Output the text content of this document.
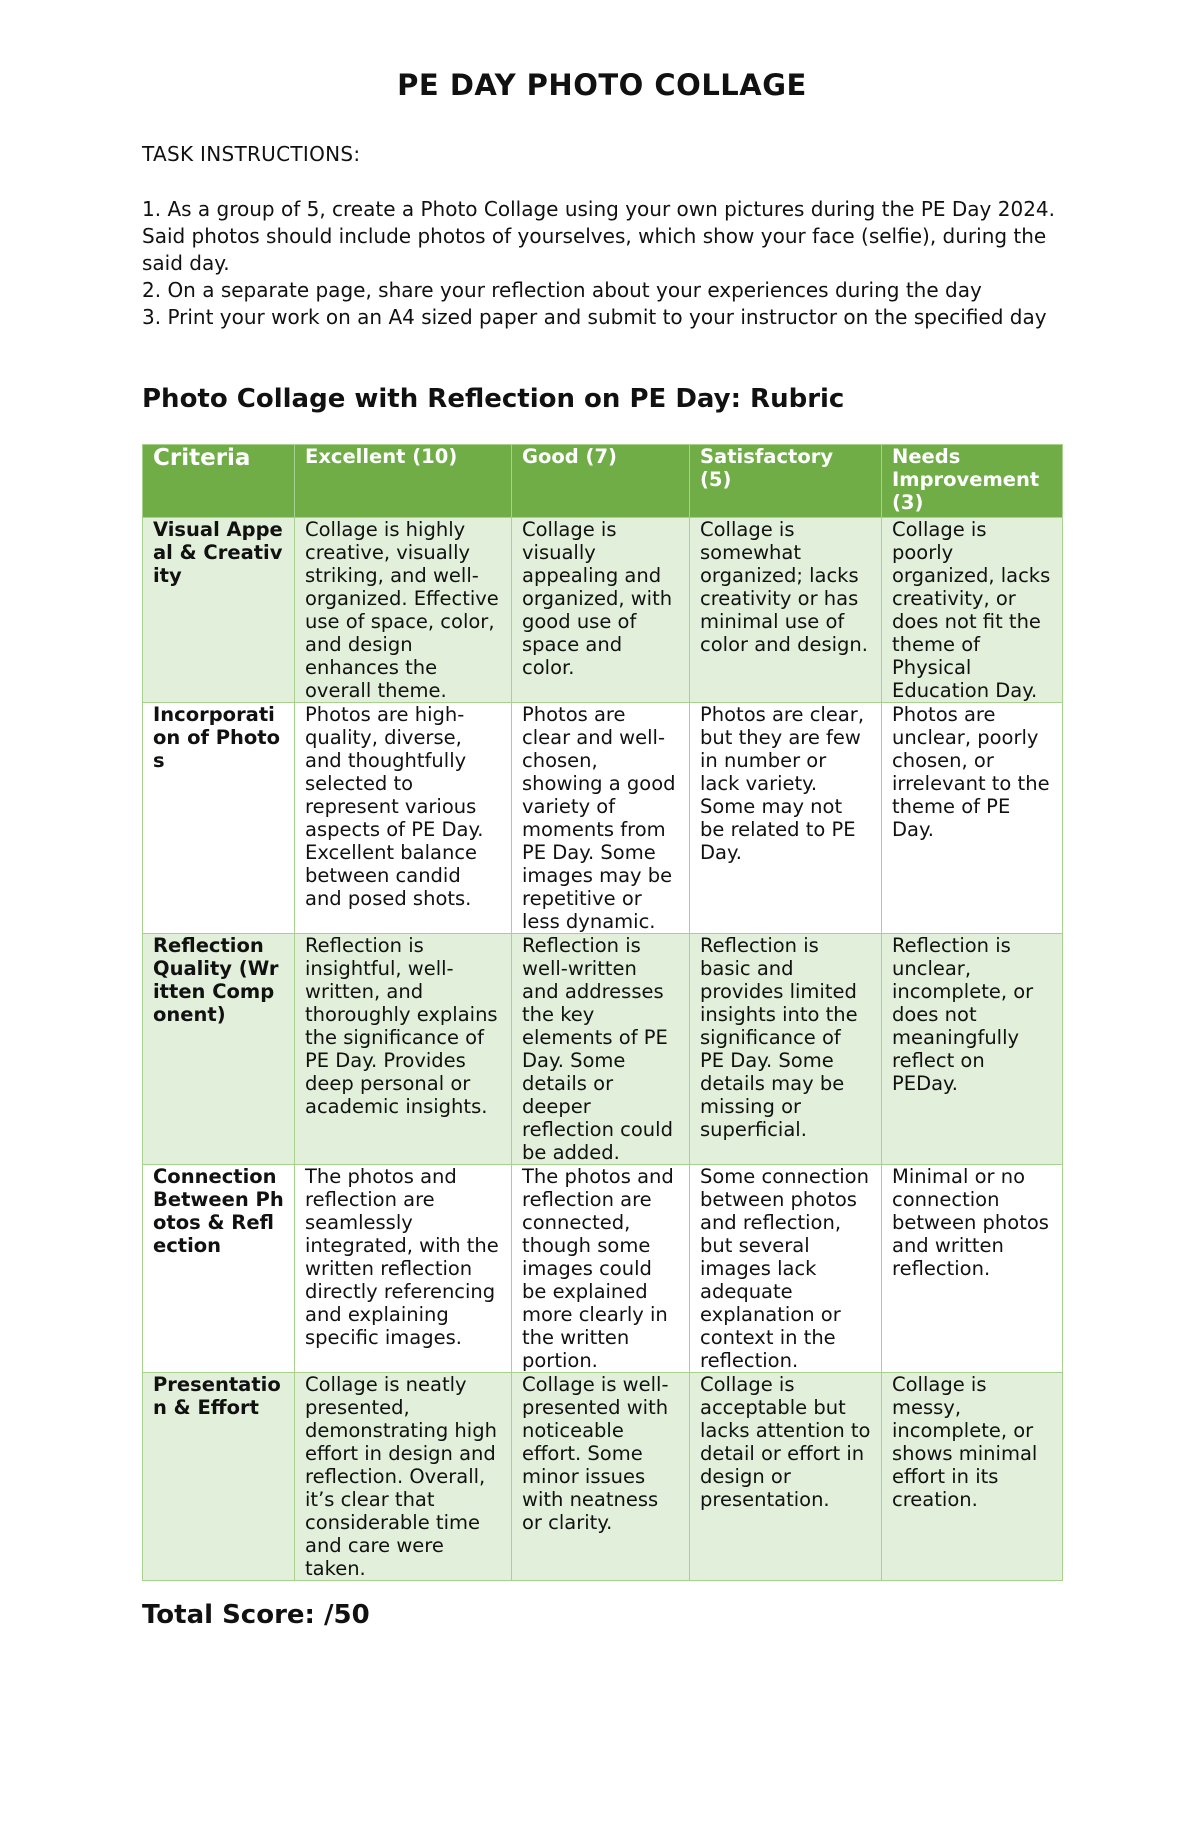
PE DAY PHOTO COLLAGE
TASK INSTRUCTIONS:

1. As a group of 5, create a Photo Collage using your own pictures during the PE Day 2024. Said photos should include photos of yourselves, which show your face (selfie), during the said day.

2. On a separate page, share your reflection about your experiences during the day

3. Print your work on an A4 sized paper and submit to your instructor on the specified day

Photo Collage with Reflection on PE Day: Rubric
Criteria	Excellent (10)	Good (7)	Satisfactory (5)	Needs Improvement (3)
Visual Appeal & Creativity	Collage is highly creative, visually striking, and well-organized. Effective use of space, color, and design enhances the overall theme.	Collage is visually appealing and organized, with good use of space and color.	Collage is somewhat organized; lacks creativity or has minimal use of color and design.	Collage is poorly organized, lacks creativity, or does not fit the theme of Physical Education Day.
Incorporation of Photos	Photos are high-quality, diverse, and thoughtfully selected to represent various aspects of PE Day. Excellent balance between candid and posed shots.	Photos are clear and well-chosen, showing a good variety of moments from PE Day. Some images may be repetitive or less dynamic.	Photos are clear, but they are few in number or lack variety. Some may not be related to PE Day.	Photos are unclear, poorly chosen, or irrelevant to the theme of PE Day.
Reflection Quality (Written Component)	Reflection is insightful, well-written, and thoroughly explains the significance of PE Day. Provides deep personal or academic insights.	Reflection is well-written and addresses the key elements of PE Day. Some details or deeper reflection could be added.	Reflection is basic and provides limited insights into the significance of PE Day. Some details may be missing or superficial.	Reflection is unclear, incomplete, or does not meaningfully reflect on PEDay.
Connection Between Photos & Reflection	The photos and reflection are seamlessly integrated, with the written reflection directly referencing and explaining specific images.	The photos and reflection are connected, though some images could be explained more clearly in the written portion.	Some connection between photos and reflection, but several images lack adequate explanation or context in the reflection.	Minimal or no connection between photos and written reflection.
Presentation & Effort	Collage is neatly presented, demonstrating high effort in design and reflection. Overall, it’s clear that considerable time and care were taken.	Collage is well-presented with noticeable effort. Some minor issues with neatness or clarity.	Collage is acceptable but lacks attention to detail or effort in design or presentation.	Collage is messy, incomplete, or shows minimal effort in its creation.
Total Score: /50
